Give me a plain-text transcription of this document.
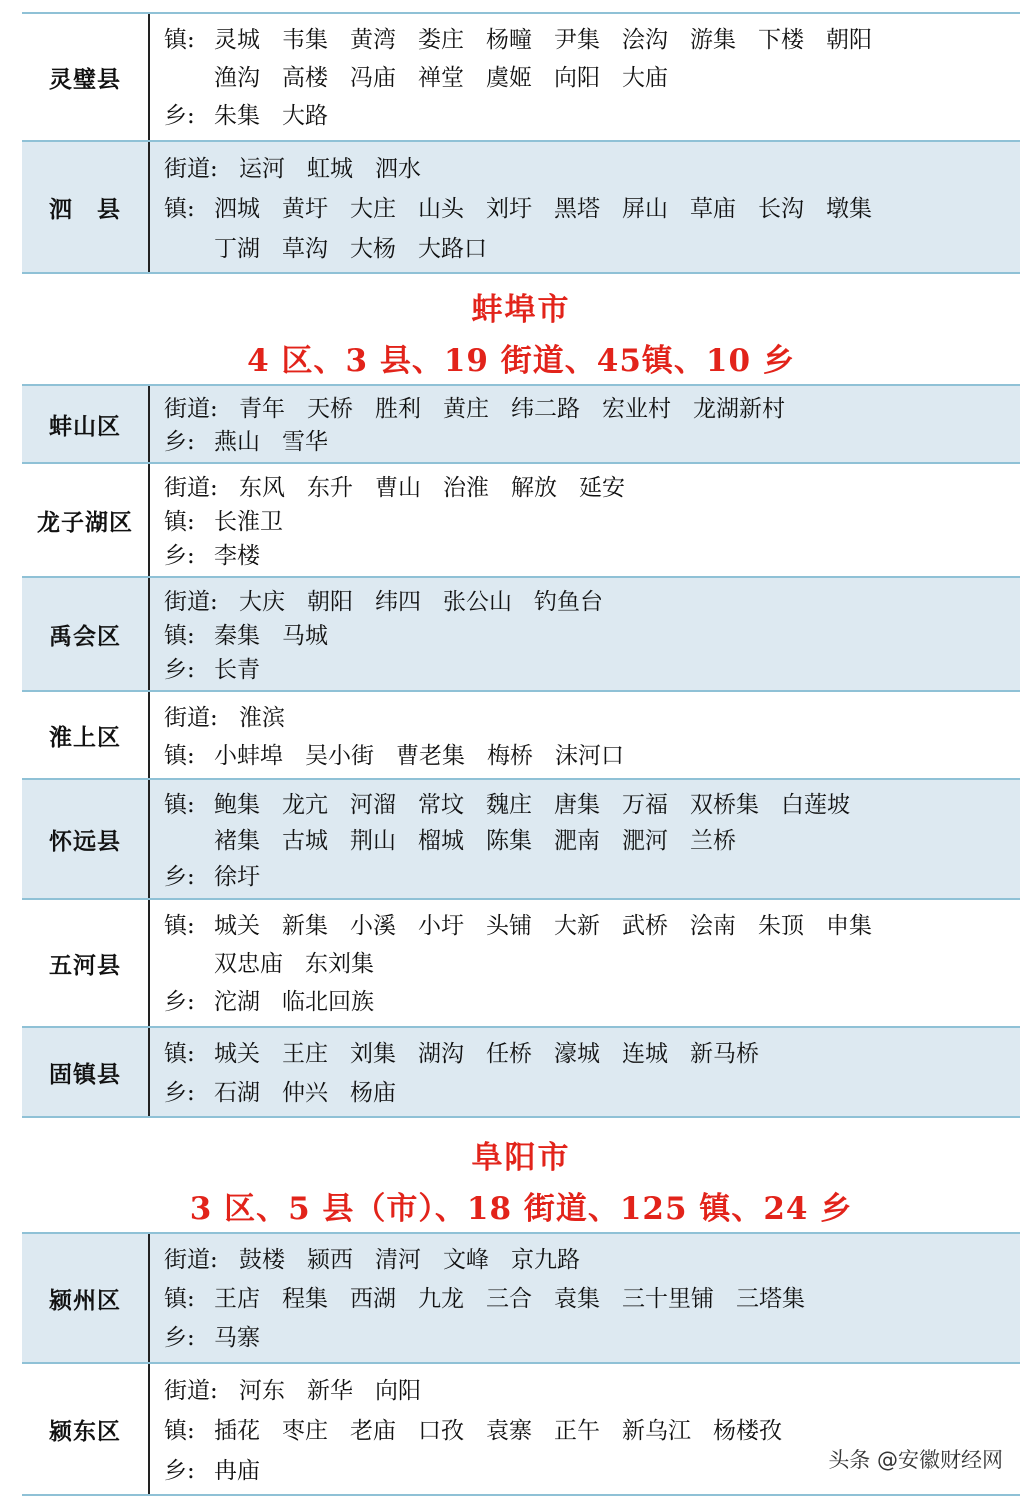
灵璧县
镇: 灵城 韦集 黄湾 娄庄 杨疃 尹集 浍沟 游集 下楼 朝阳
渔沟 高楼 冯庙 禅堂 虞姬 向阳 大庙
乡: 朱集 大路
泗　县
街道: 运河 虹城 泗水
镇: 泗城 黄圩 大庄 山头 刘圩 黑塔 屏山 草庙 长沟 墩集
丁湖 草沟 大杨 大路口
蚌埠市
4 区、3 县、19 街道、45镇、10 乡
蚌山区
街道: 青年 天桥 胜利 黄庄 纬二路 宏业村 龙湖新村
乡: 燕山 雪华
龙子湖区
街道: 东风 东升 曹山 治淮 解放 延安
镇: 长淮卫
乡: 李楼
禹会区
街道: 大庆 朝阳 纬四 张公山 钓鱼台
镇: 秦集 马城
乡: 长青
淮上区
街道: 淮滨
镇: 小蚌埠 吴小街 曹老集 梅桥 沫河口
怀远县
镇: 鲍集 龙亢 河溜 常坟 魏庄 唐集 万福 双桥集 白莲坡
褚集 古城 荆山 榴城 陈集 淝南 淝河 兰桥
乡: 徐圩
五河县
镇: 城关 新集 小溪 小圩 头铺 大新 武桥 浍南 朱顶 申集
双忠庙 东刘集
乡: 沱湖 临北回族
固镇县
镇: 城关 王庄 刘集 湖沟 任桥 濠城 连城 新马桥
乡: 石湖 仲兴 杨庙
阜阳市
3 区、5 县（市）、18 街道、125 镇、24 乡
颍州区
街道: 鼓楼 颍西 清河 文峰 京九路
镇: 王店 程集 西湖 九龙 三合 袁集 三十里铺 三塔集
乡: 马寨
颍东区
街道: 河东 新华 向阳
镇: 插花 枣庄 老庙 口孜 袁寨 正午 新乌江 杨楼孜
乡: 冉庙	头条 @安徽财经网
